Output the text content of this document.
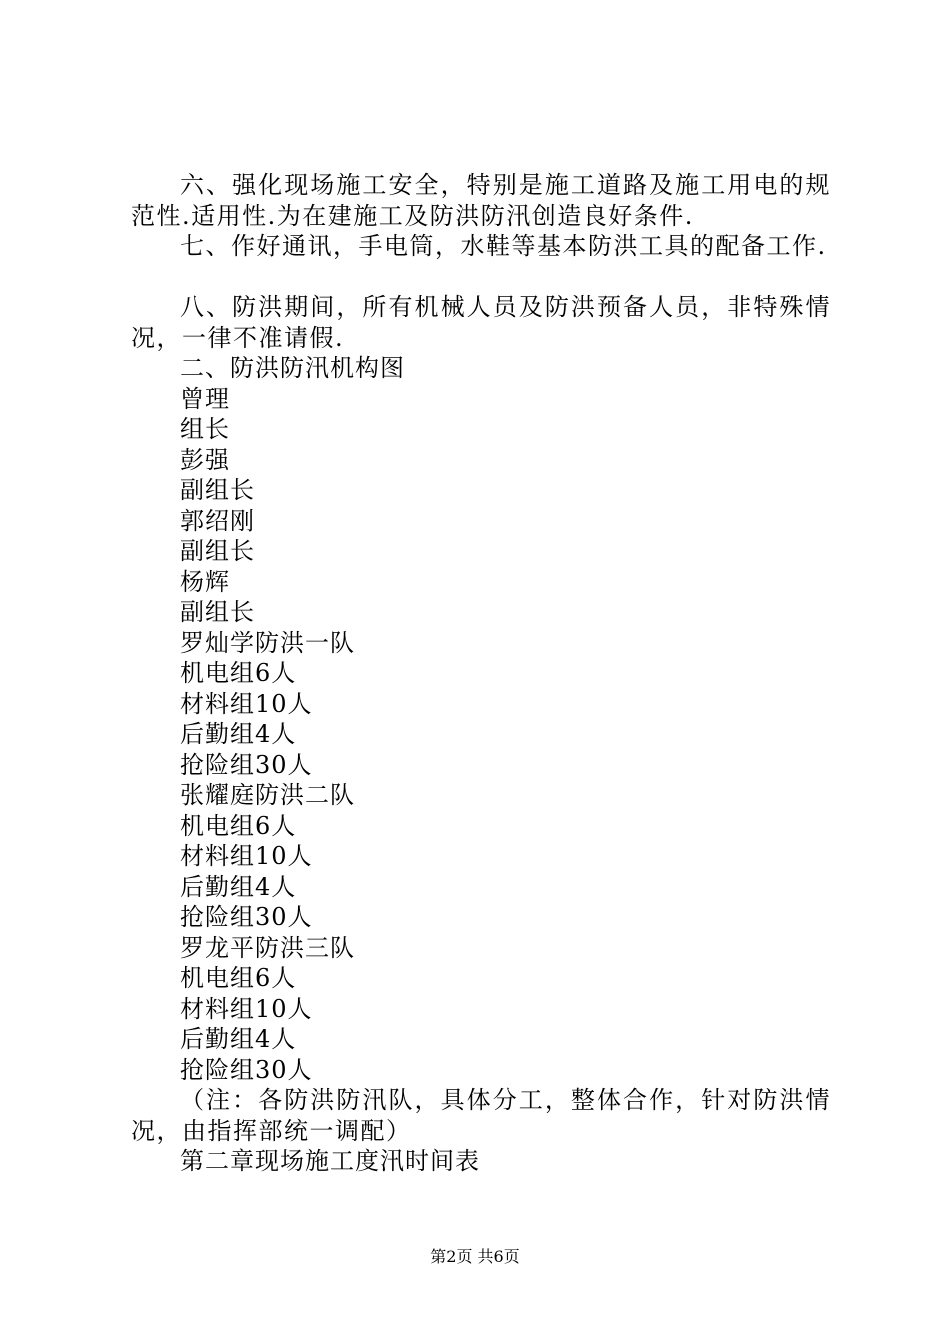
六、强化现场施工安全，特别是施工道路及施工用电的规范性.适用性.为在建施工及防洪防汛创造良好条件.

七、作好通讯，手电筒，水鞋等基本防洪工具的配备工作.

八、防洪期间，所有机械人员及防洪预备人员，非特殊情况，一律不准请假.

二、防洪防汛机构图

曾理

组长

彭强

副组长

郭绍刚

副组长

杨辉

副组长

罗灿学防洪一队

机电组6人

材料组10人

后勤组4人

抢险组30人

张耀庭防洪二队

机电组6人

材料组10人

后勤组4人

抢险组30人

罗龙平防洪三队

机电组6人

材料组10人

后勤组4人

抢险组30人

（注：各防洪防汛队，具体分工，整体合作，针对防洪情况，由指挥部统一调配）

第二章现场施工度汛时间表

第2页 共6页
